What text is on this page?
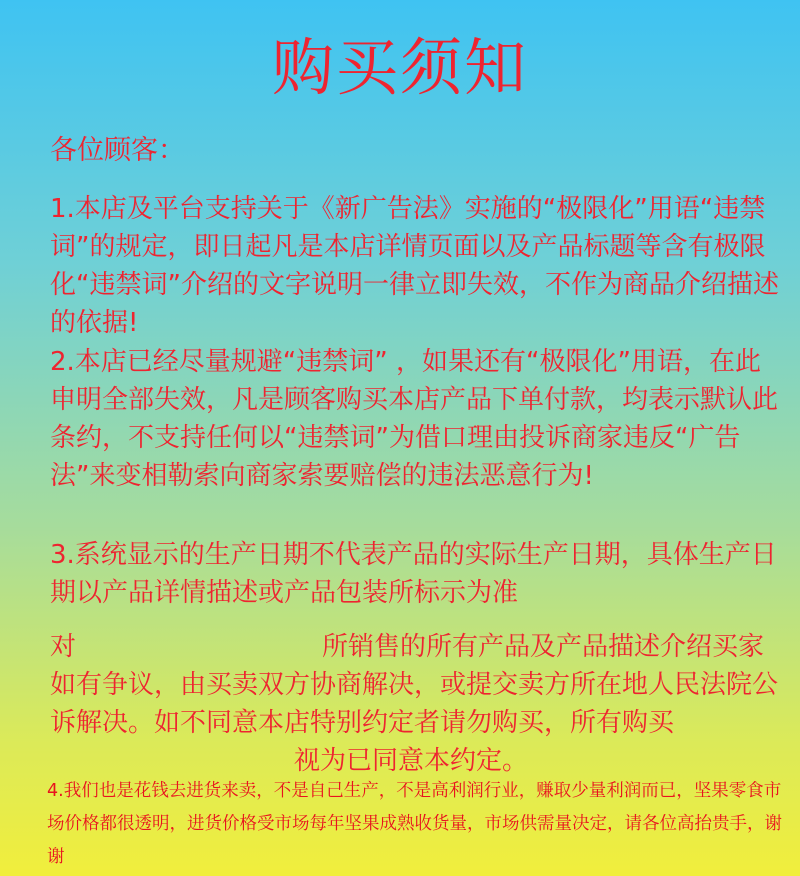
购买须知
各位顾客：

1.本店及平台支持关于《新广告法》实施的“极限化”用语“违禁词”的规定，即日起凡是本店详情页面以及产品标题等含有极限化“违禁词”介绍的文字说明一律立即失效，不作为商品介绍描述的依据!

2.本店已经尽量规避“违禁词” ，如果还有“极限化”用语，在此申明全部失效，凡是顾客购买本店产品下单付款，均表示默认此条约，不支持任何以“违禁词”为借口理由投诉商家违反“广告法”来变相勒索向商家索要赔偿的违法恶意行为!

3.系统显示的生产日期不代表产品的实际生产日期，具体生产日期以产品详情描述或产品包装所标示为准

对	所销售的所有产品及产品描述介绍买家如有争议，由买卖双方协商解决，或提交卖方所在地人民法院公诉解决。如不同意本店特别约定者请勿购买，所有购买视为已同意本约定。

4.我们也是花钱去进货来卖，不是自己生产，不是高利润行业，赚取少量利润而已，坚果零食市场价格都很透明，进货价格受市场每年坚果成熟收货量，市场供需量决定，请各位高抬贵手，谢谢
